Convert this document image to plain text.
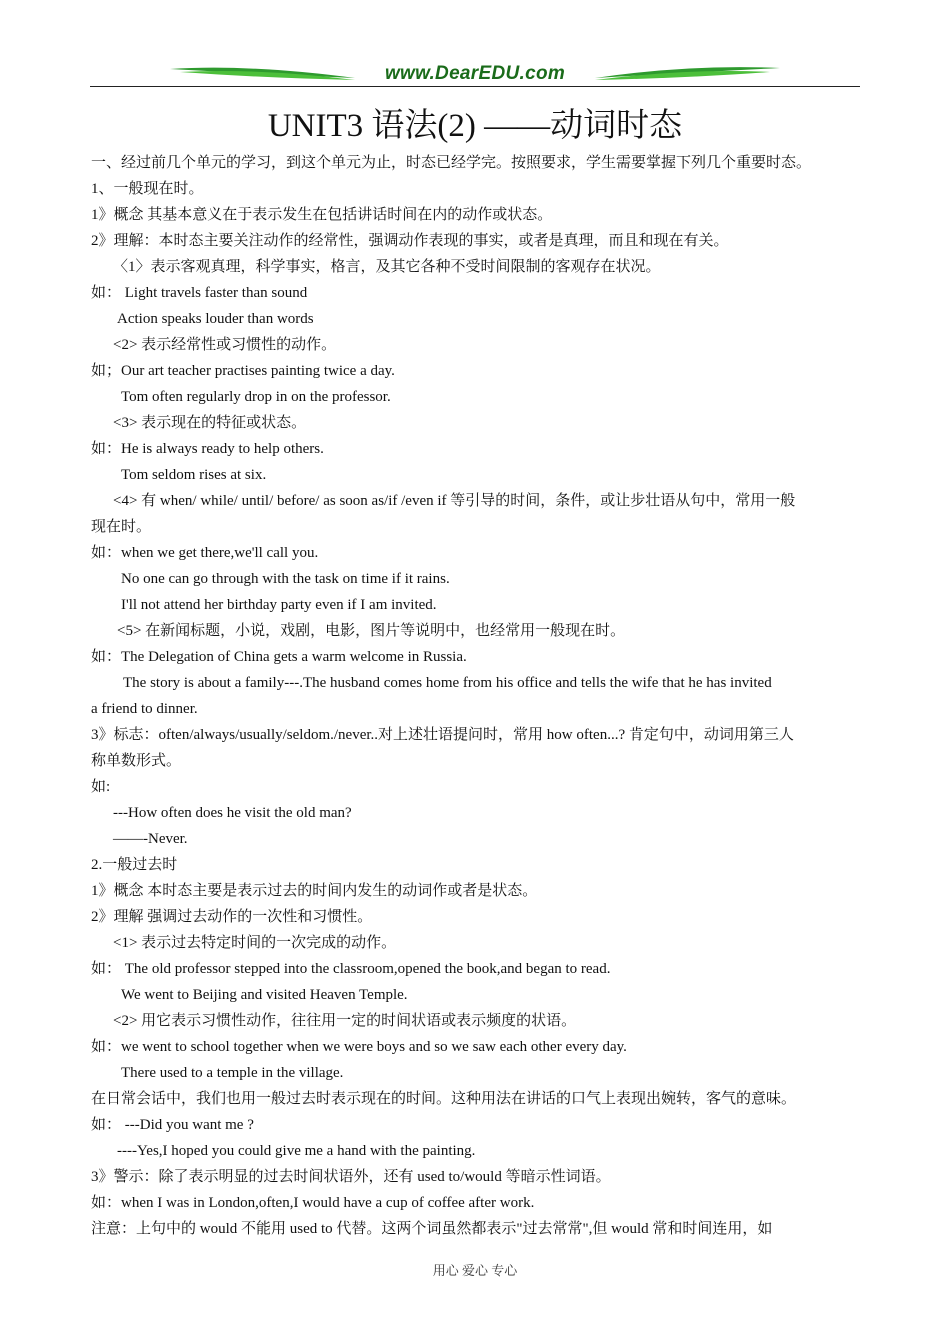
www.DearEDU.com
UNIT3 语法(2) ——动词时态
一、经过前几个单元的学习，到这个单元为止，时态已经学完。按照要求，学生需要掌握下列几个重要时态。
1、一般现在时。
1》概念 其基本意义在于表示发生在包括讲话时间在内的动作或状态。
2》理解：本时态主要关注动作的经常性，强调动作表现的事实，或者是真理，而且和现在有关。
〈1〉表示客观真理，科学事实，格言，及其它各种不受时间限制的客观存在状况。
如： Light travels faster than sound
Action speaks louder than words
<2> 表示经常性或习惯性的动作。
如；Our art teacher practises painting twice a day.
Tom often regularly drop in on the professor.
<3> 表示现在的特征或状态。
如：He is always ready to help others.
Tom seldom rises at six.
<4> 有 when/ while/ until/ before/ as soon as/if /even if 等引导的时间，条件，或让步壮语从句中，常用一般
现在时。
如：when we get there,we'll call you.
No one can go through with the task on time if it rains.
I'll not attend her birthday party even if I am invited.
<5> 在新闻标题，小说，戏剧，电影，图片等说明中，也经常用一般现在时。
如：The Delegation of China gets a warm welcome in Russia.
The story is about a family---.The husband comes home from his office and tells the wife that he has invited
a friend to dinner.
3》标志：often/always/usually/seldom./never..对上述壮语提问时，常用 how often...? 肯定句中，动词用第三人
称单数形式。
如:
---How often does he visit the old man?
——-Never.
2.一般过去时
1》概念 本时态主要是表示过去的时间内发生的动词作或者是状态。
2》理解 强调过去动作的一次性和习惯性。
<1> 表示过去特定时间的一次完成的动作。
如： The old professor stepped into the classroom,opened the book,and began to read.
We went to Beijing and visited Heaven Temple.
<2> 用它表示习惯性动作，往往用一定的时间状语或表示频度的状语。
如：we went to school together when we were boys and so we saw each other every day.
There used to a temple in the village.
在日常会话中，我们也用一般过去时表示现在的时间。这种用法在讲话的口气上表现出婉转，客气的意味。
如： ---Did you want me ?
----Yes,I hoped you could give me a hand with the painting.
3》警示：除了表示明显的过去时间状语外，还有 used to/would 等暗示性词语。
如：when I was in London,often,I would have a cup of coffee after work.
注意：上句中的 would 不能用 used to 代替。这两个词虽然都表示"过去常常",但 would 常和时间连用，如
用心 爱心 专心
